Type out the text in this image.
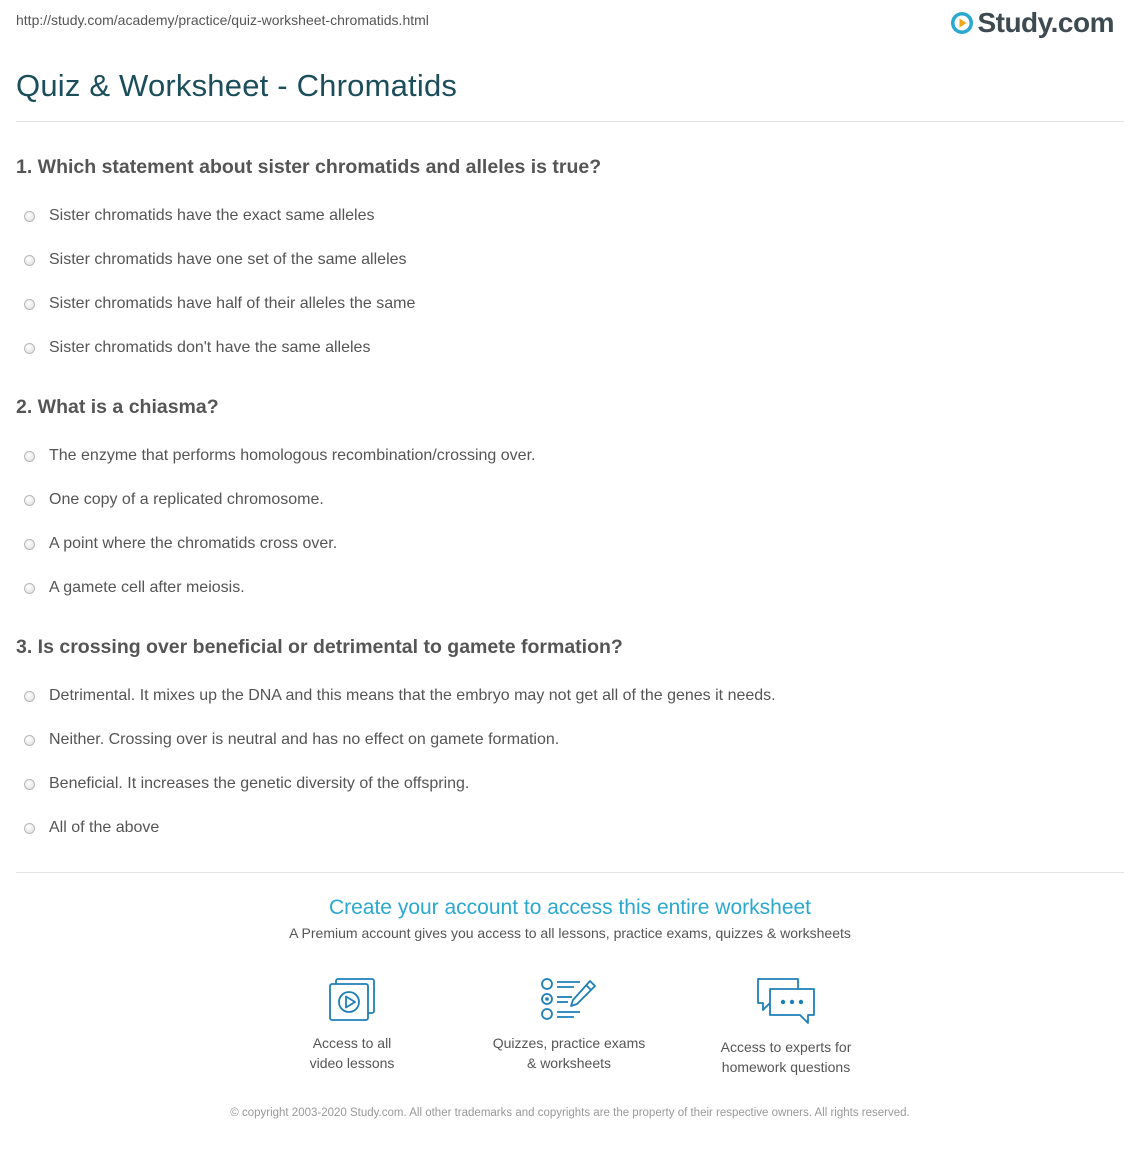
http://study.com/academy/practice/quiz-worksheet-chromatids.html	Study.com
Quiz & Worksheet - Chromatids
1. Which statement about sister chromatids and alleles is true?
Sister chromatids have the exact same alleles
Sister chromatids have one set of the same alleles
Sister chromatids have half of their alleles the same
Sister chromatids don't have the same alleles
2. What is a chiasma?
The enzyme that performs homologous recombination/crossing over.
One copy of a replicated chromosome.
A point where the chromatids cross over.
A gamete cell after meiosis.
3. Is crossing over beneficial or detrimental to gamete formation?
Detrimental. It mixes up the DNA and this means that the embryo may not get all of the genes it needs.
Neither. Crossing over is neutral and has no effect on gamete formation.
Beneficial. It increases the genetic diversity of the offspring.
All of the above
Create your account to access this entire worksheet
A Premium account gives you access to all lessons, practice exams, quizzes & worksheets
Access to all
video lessons
Quizzes, practice exams
& worksheets
Access to experts for
homework questions
© copyright 2003-2020 Study.com. All other trademarks and copyrights are the property of their respective owners. All rights reserved.
